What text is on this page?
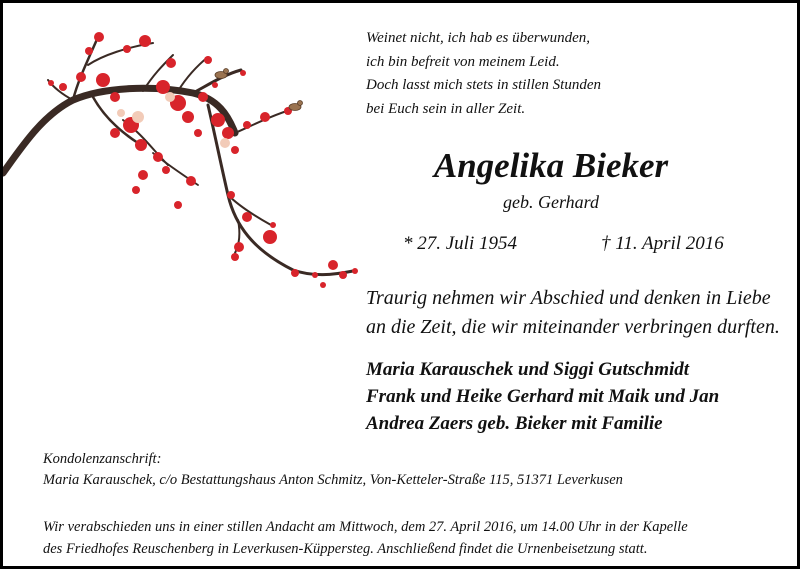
Weinet nicht, ich hab es überwunden,
ich bin befreit von meinem Leid.
Doch lasst mich stets in stillen Stunden
bei Euch sein in aller Zeit.
Angelika Bieker
geb. Gerhard
* 27. Juli 1954	† 11. April 2016
Traurig nehmen wir Abschied und denken in Liebe
an die Zeit, die wir miteinander verbringen durften.
Maria Karauschek und Siggi Gutschmidt
Frank und Heike Gerhard mit Maik und Jan
Andrea Zaers geb. Bieker mit Familie
Kondolenzanschrift:
Maria Karauschek, c/o Bestattungshaus Anton Schmitz, Von-Ketteler-Straße 115, 51371 Leverkusen
Wir verabschieden uns in einer stillen Andacht am Mittwoch, dem 27. April 2016, um 14.00 Uhr in der Kapelle
des Friedhofes Reuschenberg in Leverkusen-Küppersteg. Anschließend findet die Urnenbeisetzung statt.
